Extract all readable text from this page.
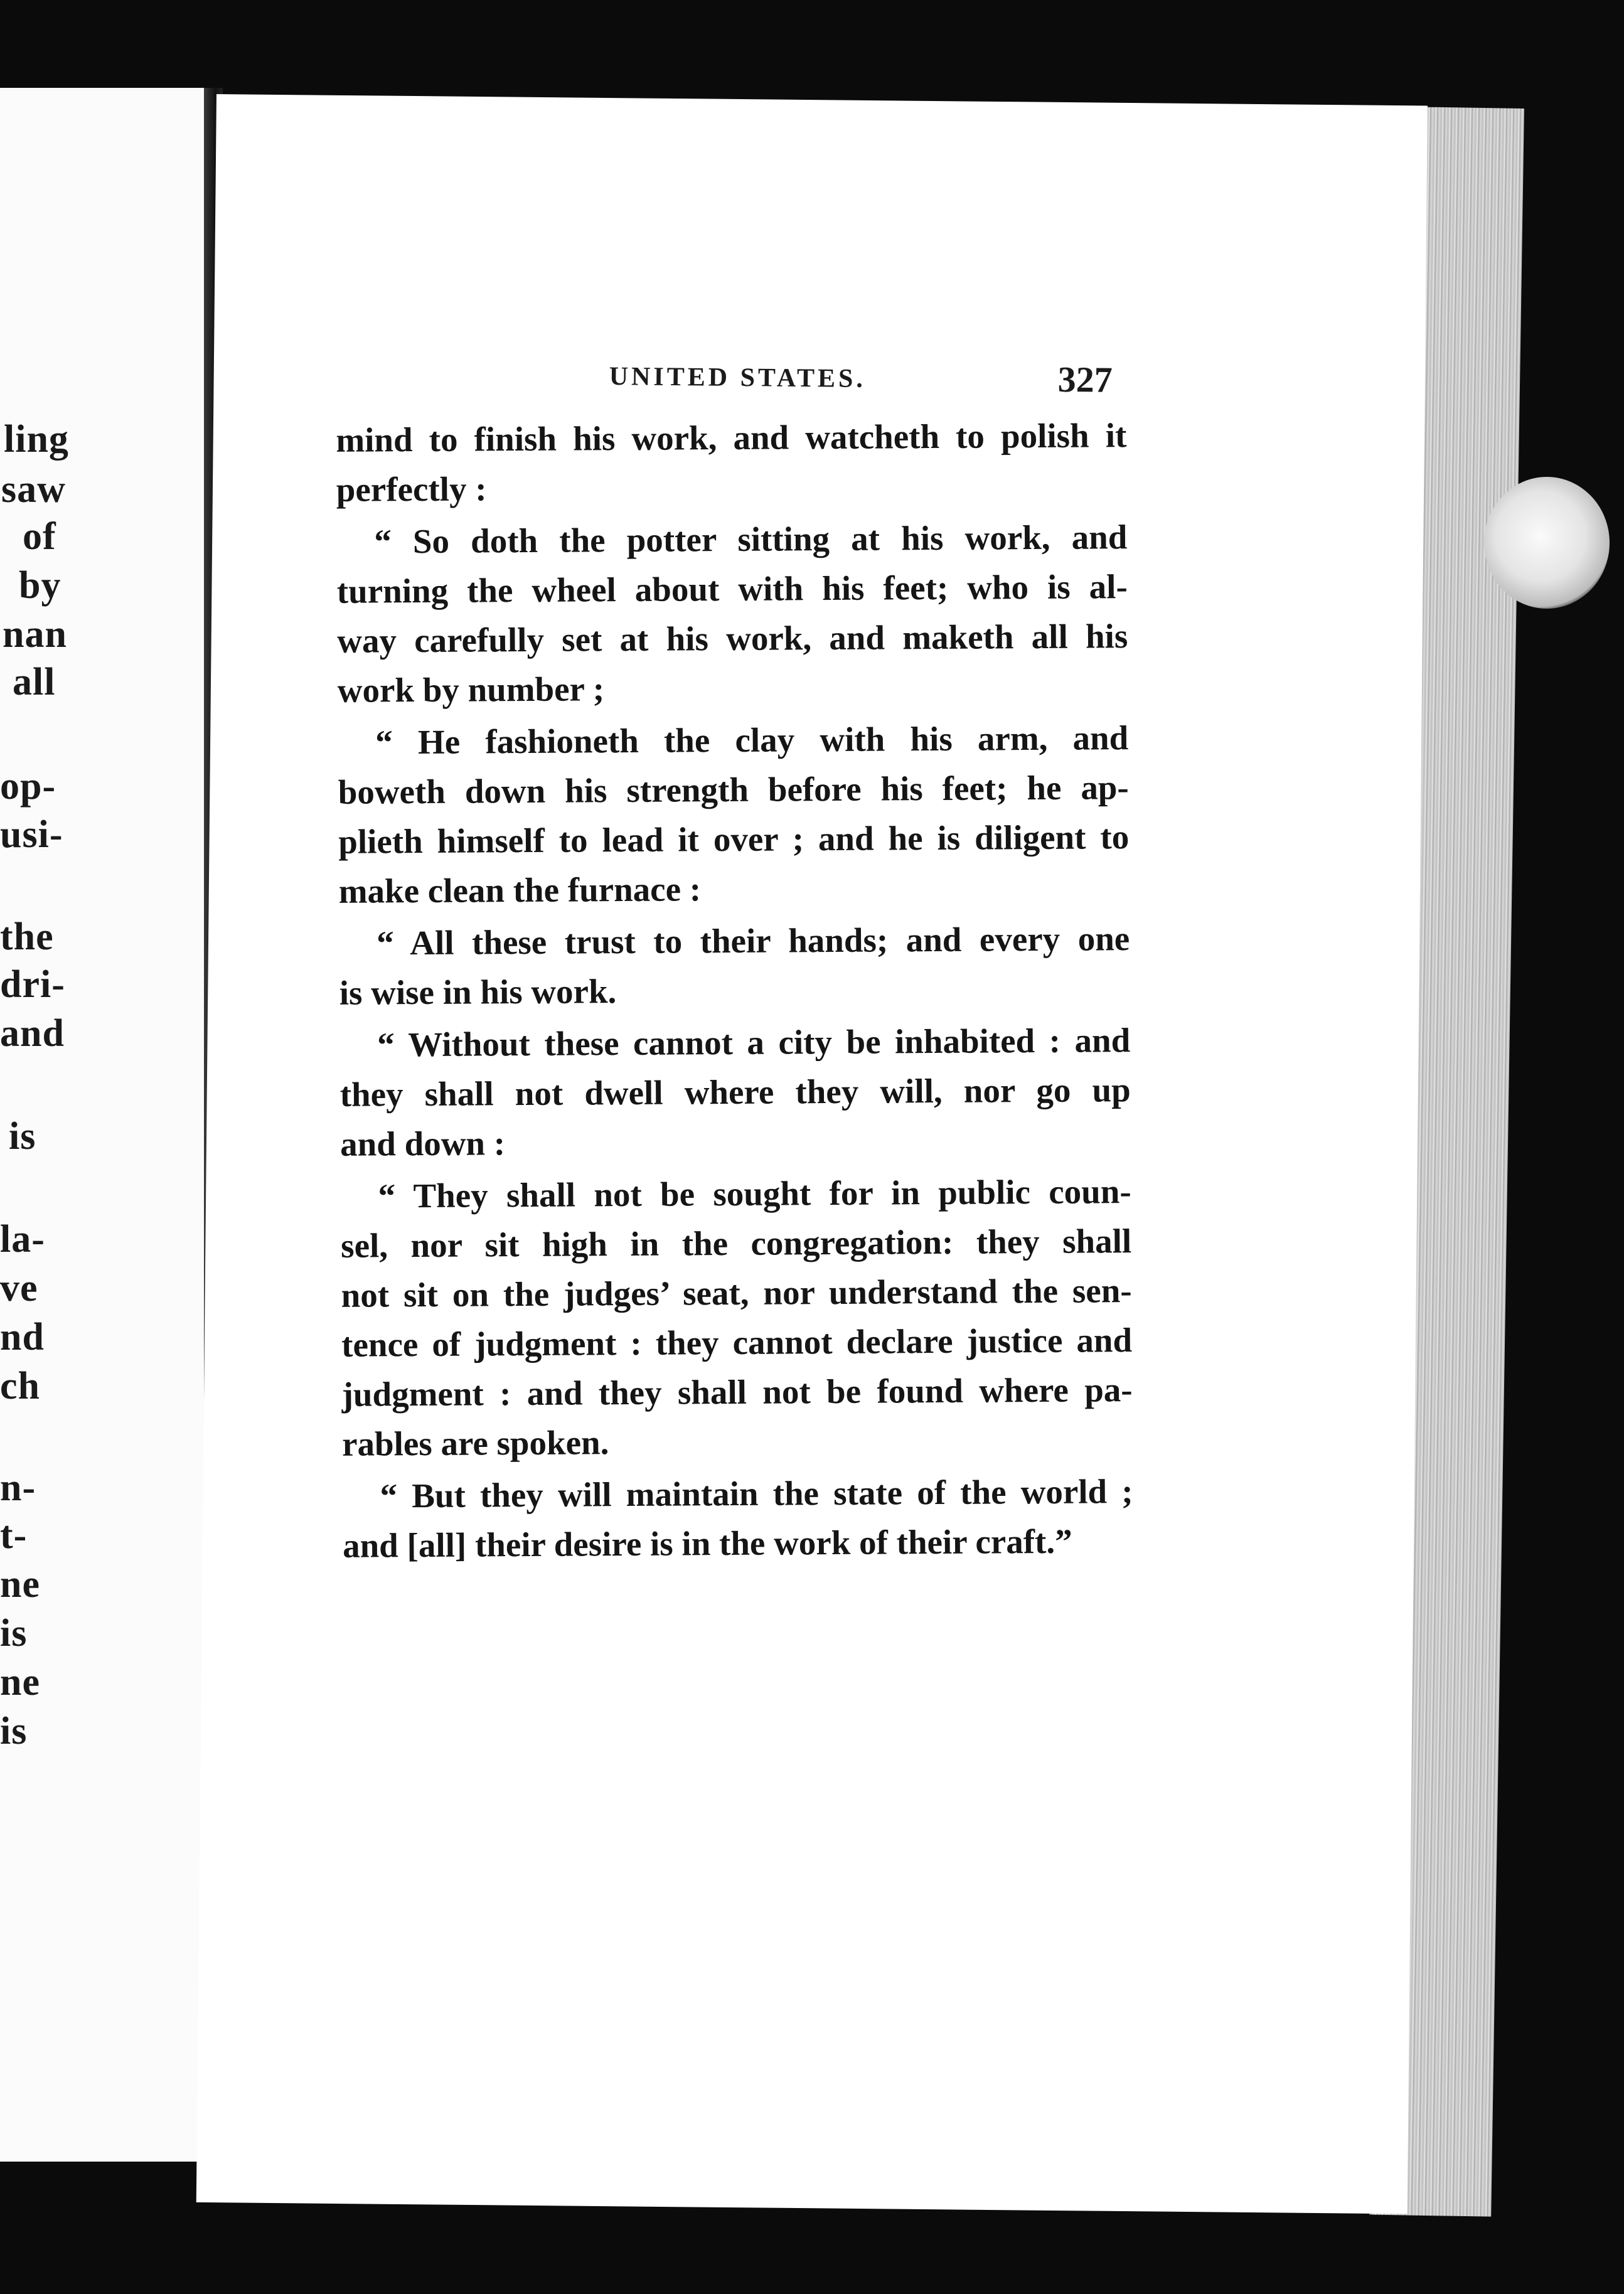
ling
saw
of
by
nan
all
op-
usi-
the
dri-
and
is
la-
ve
nd
ch
n-
t-
ne
is
ne
is
UNITED STATES.	327

mind to finish his work, and watcheth to polish it
perfectly :

“ So doth the potter sitting at his work, and

turning the wheel about with his feet; who is al-
way carefully set at his work, and maketh all his
work by number ;

“ He fashioneth the clay with his arm, and

boweth down his strength before his feet; he ap-
plieth himself to lead it over ; and he is diligent to
make clean the furnace :

“ All these trust to their hands; and every one

is wise in his work.

“ Without these cannot a city be inhabited : and

they shall not dwell where they will, nor go up
and down :

“ They shall not be sought for in public coun-

sel, nor sit high in the congregation: they shall
not sit on the judges’ seat, nor understand the sen-
tence of judgment : they cannot declare justice and
judgment : and they shall not be found where pa-
rables are spoken.

“ But they will maintain the state of the world ;

and [all] their desire is in the work of their craft.”
